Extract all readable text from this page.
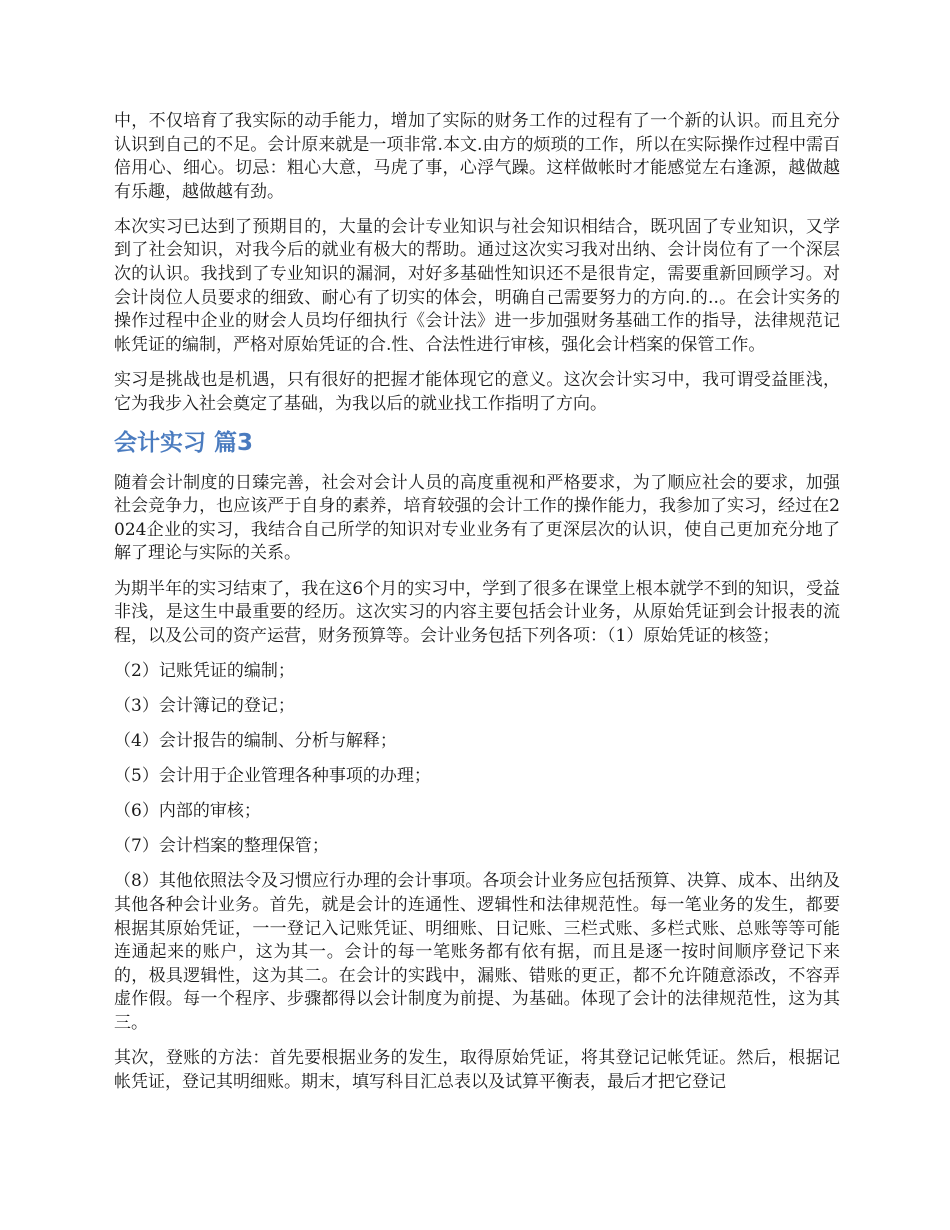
中，不仅培育了我实际的动手能力，增加了实际的财务工作的过程有了一个新的认识。而且充分认识到自己的不足。会计原来就是一项非常.本文.由方的烦琐的工作，所以在实际操作过程中需百倍用心、细心。切忌：粗心大意，马虎了事，心浮气躁。这样做帐时才能感觉左右逢源，越做越有乐趣，越做越有劲。

本次实习已达到了预期目的，大量的会计专业知识与社会知识相结合，既巩固了专业知识，又学到了社会知识，对我今后的就业有极大的帮助。通过这次实习我对出纳、会计岗位有了一个深层次的认识。我找到了专业知识的漏洞，对好多基础性知识还不是很肯定，需要重新回顾学习。对会计岗位人员要求的细致、耐心有了切实的体会，明确自己需要努力的方向.的..。在会计实务的操作过程中企业的财会人员均仔细执行《会计法》进一步加强财务基础工作的指导，法律规范记帐凭证的编制，严格对原始凭证的合.性、合法性进行审核，强化会计档案的保管工作。

实习是挑战也是机遇，只有很好的把握才能体现它的意义。这次会计实习中，我可谓受益匪浅，它为我步入社会奠定了基础，为我以后的就业找工作指明了方向。

会计实习 篇3

随着会计制度的日臻完善，社会对会计人员的高度重视和严格要求，为了顺应社会的要求，加强社会竞争力，也应该严于自身的素养，培育较强的会计工作的操作能力，我参加了实习，经过在2024企业的实习，我结合自己所学的知识对专业业务有了更深层次的认识，使自己更加充分地了解了理论与实际的关系。

为期半年的实习结束了，我在这6个月的实习中，学到了很多在课堂上根本就学不到的知识，受益非浅，是这生中最重要的经历。这次实习的内容主要包括会计业务，从原始凭证到会计报表的流程，以及公司的资产运营，财务预算等。会计业务包括下列各项：（1）原始凭证的核签；

（2）记账凭证的编制；

（3）会计簿记的登记；

（4）会计报告的编制、分析与解释；

（5）会计用于企业管理各种事项的办理；

（6）内部的审核；

（7）会计档案的整理保管；

（8）其他依照法令及习惯应行办理的会计事项。各项会计业务应包括预算、决算、成本、出纳及其他各种会计业务。首先，就是会计的连通性、逻辑性和法律规范性。每一笔业务的发生，都要根据其原始凭证，一一登记入记账凭证、明细账、日记账、三栏式账、多栏式账、总账等等可能连通起来的账户，这为其一。会计的每一笔账务都有依有据，而且是逐一按时间顺序登记下来的，极具逻辑性，这为其二。在会计的实践中，漏账、错账的更正，都不允许随意添改，不容弄虚作假。每一个程序、步骤都得以会计制度为前提、为基础。体现了会计的法律规范性，这为其三。

其次，登账的方法：首先要根据业务的发生，取得原始凭证，将其登记记帐凭证。然后，根据记帐凭证，登记其明细账。期末，填写科目汇总表以及试算平衡表，最后才把它登记
